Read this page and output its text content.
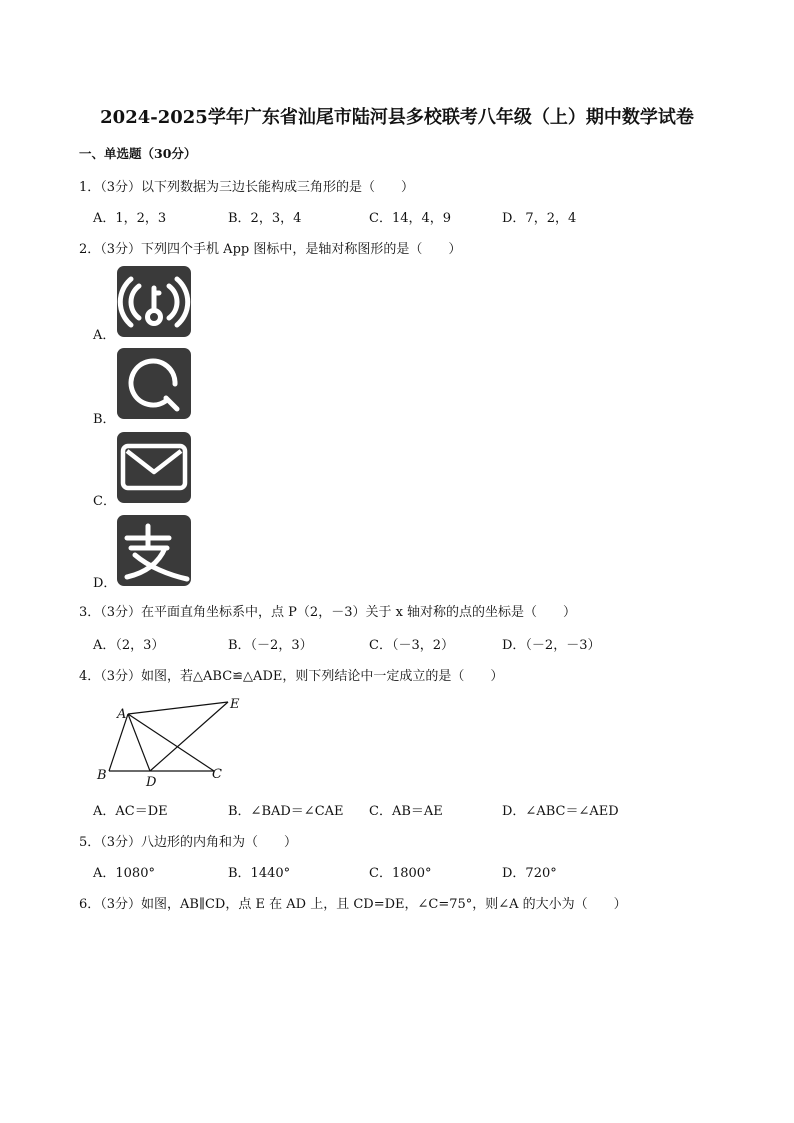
2024-2025学年广东省汕尾市陆河县多校联考八年级（上）期中数学试卷
一、单选题（30分）
1．（3分）以下列数据为三边长能构成三角形的是（　　）
A．1，2，3	B．2，3，4	C．14，4，9	D．7，2，4
2．（3分）下列四个手机 App 图标中，是轴对称图形的是（　　）
A．
B．
C．
D．
3．（3分）在平面直角坐标系中，点 P（2，－3）关于 x 轴对称的点的坐标是（　　）
A．（2，3）	B．（－2，3）	C．（－3，2）	D．（－2，－3）
4．（3分）如图，若△ABC≌△ADE，则下列结论中一定成立的是（　　）
A
E
B	D
C
A．AC＝DE	B．∠BAD＝∠CAE C．AB＝AE	D．∠ABC＝∠AED
5．（3分）八边形的内角和为（　　）
A．1080°	B．1440°	C．1800°	D．720°
6．（3分）如图，AB∥CD，点 E 在 AD 上，且 CD=DE，∠C=75°，则∠A 的大小为（　　）
